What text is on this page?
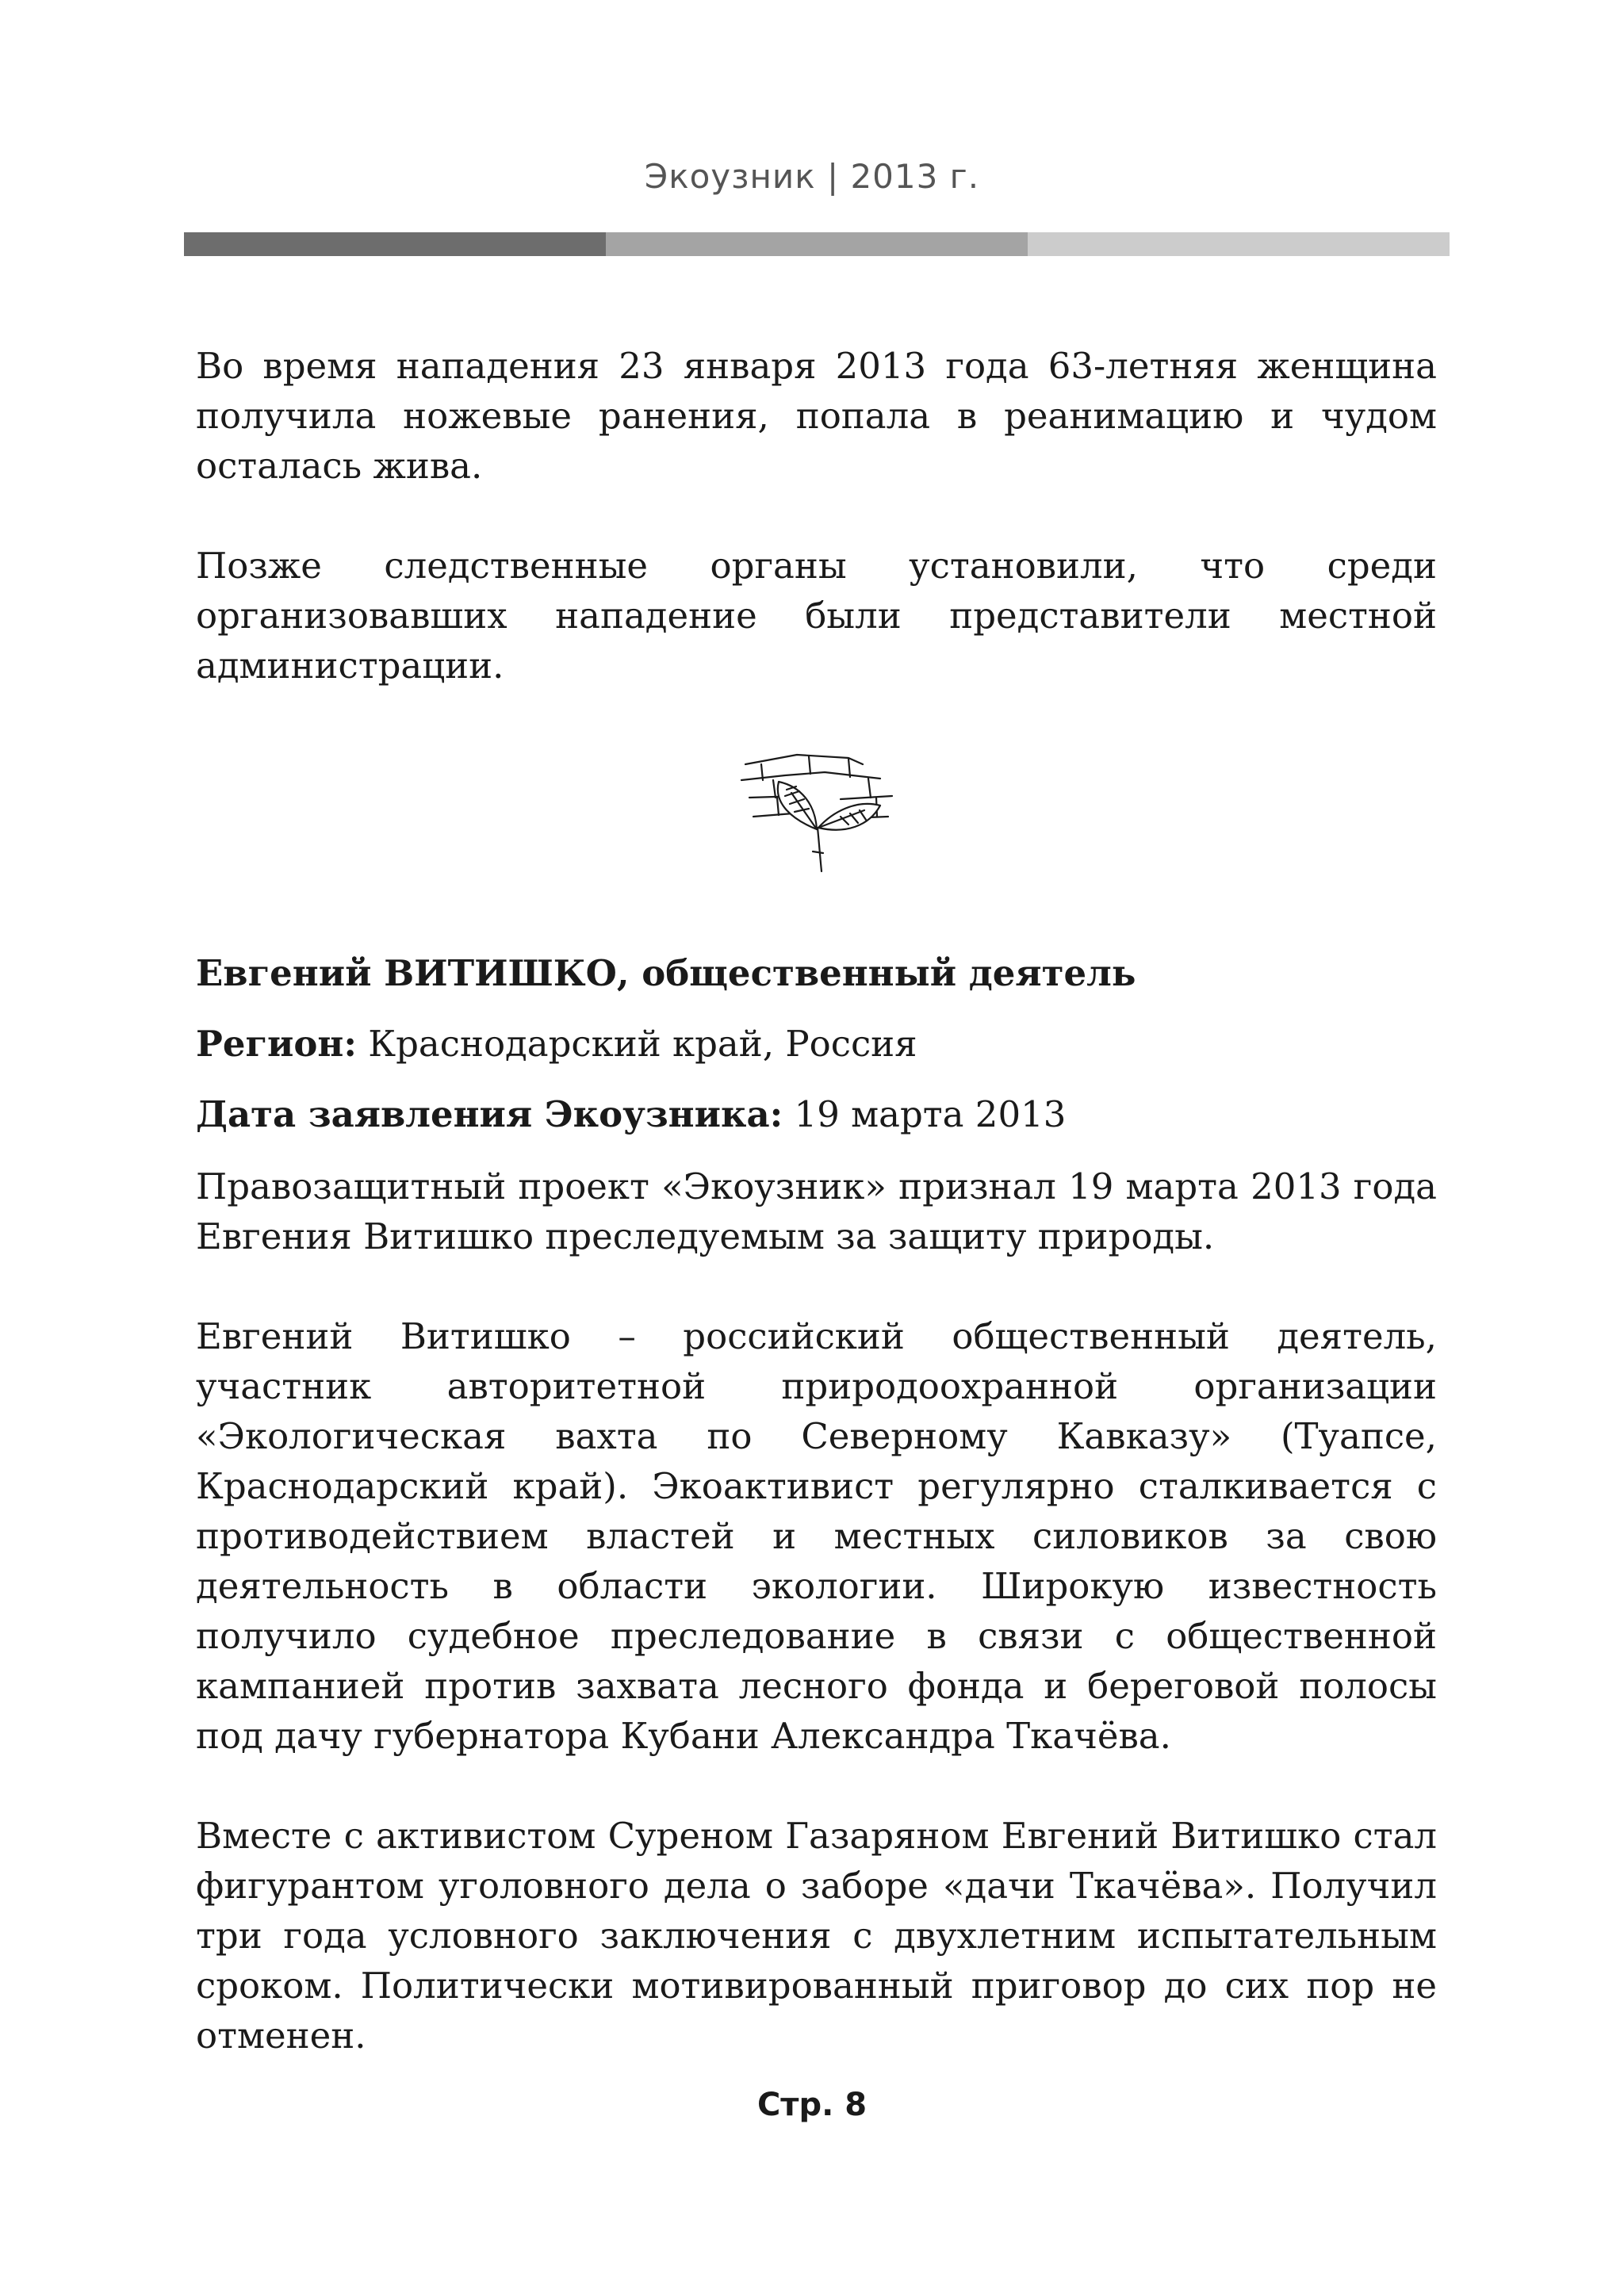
Экоузник | 2013 г.

Во время нападения 23 января 2013 года 63-летняя женщина получила ножевые ранения, попала в реанимацию и чудом осталась жива.

Позже следственные органы установили, что среди организовавших нападение были представители местной администрации.

Евгений ВИТИШКО, общественный деятель

Регион: Краснодарский край, Россия

Дата заявления Экоузника: 19 марта 2013

Правозащитный проект «Экоузник» признал 19 марта 2013 года Евгения Витишко преследуемым за защиту природы.

Евгений Витишко – российский общественный деятель, участник авторитетной природоохранной организации «Экологическая вахта по Северному Кавказу» (Туапсе, Краснодарский край). Экоактивист регулярно сталкивается с противодействием властей и местных силовиков за свою деятельность в области экологии. Широкую известность получило судебное преследование в связи с общественной кампанией против захвата лесного фонда и береговой полосы под дачу губернатора Кубани Александра Ткачёва.

Вместе с активистом Суреном Газаряном Евгений Витишко стал фигурантом уголовного дела о заборе «дачи Ткачёва». Получил три года условного заключения с двухлетним испытательным сроком. Политически мотивированный приговор до сих пор не отменен.

Стр. 8
